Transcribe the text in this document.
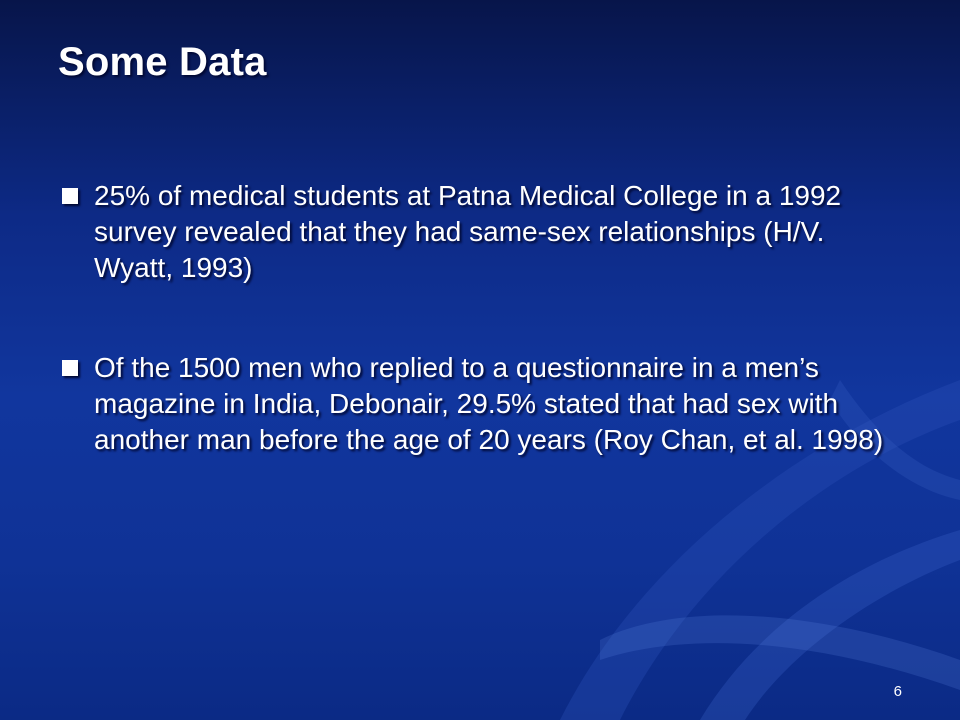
Some Data
25% of medical students at Patna Medical College in a 1992 survey revealed that they had same-sex relationships (H/V. Wyatt, 1993)
Of the 1500 men who replied to a questionnaire in a men’s magazine in India, Debonair, 29.5% stated that had sex with another man before the age of 20 years (Roy Chan, et al. 1998)
6
